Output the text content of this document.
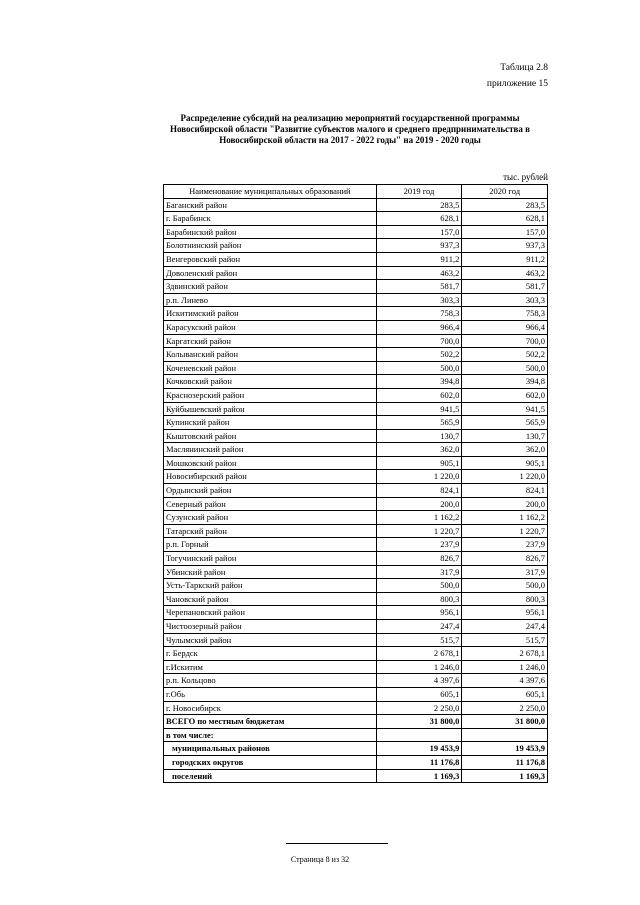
Таблица 2.8
приложение 15
Распределение субсидий на реализацию мероприятий государственной программы Новосибирской области "Развитие субъектов малого и среднего предпринимательства в Новосибирской области на 2017 - 2022 годы" на 2019 - 2020 годы
тыс. рублей
Наименование муниципальных образований	2019 год	2020 год
Баганский район	283,5	283,5
г. Барабинск	628,1	628,1
Барабинский район	157,0	157,0
Болотнинский район	937,3	937,3
Венгеровский район	911,2	911,2
Доволенский район	463,2	463,2
Здвинский район	581,7	581,7
р.п. Линево	303,3	303,3
Искитимский район	758,3	758,3
Карасукский район	966,4	966,4
Каргатский район	700,0	700,0
Колыванский район	502,2	502,2
Коченевский район	500,0	500,0
Кочковский район	394,8	394,8
Краснозерский район	602,0	602,0
Куйбышевский район	941,5	941,5
Купинский район	565,9	565,9
Кыштовский район	130,7	130,7
Маслянинский район	362,0	362,0
Мошковский район	905,1	905,1
Новосибирский район	1 220,0	1 220,0
Ордынский район	824,1	824,1
Северный район	200,0	200,0
Сузунский район	1 162,2	1 162,2
Татарский район	1 220,7	1 220,7
р.п. Горный	237,9	237,9
Тогучинский район	826,7	826,7
Убинский район	317,9	317,9
Усть-Таркский район	500,0	500,0
Чановский район	800,3	800,3
Черепановский район	956,1	956,1
Чистоозерный район	247,4	247,4
Чулымский район	515,7	515,7
г. Бердск	2 678,1	2 678,1
г.Искитим	1 246,0	1 246,0
р.п. Кольцово	4 397,6	4 397,6
г.Обь	605,1	605,1
г. Новосибирск	2 250,0	2 250,0
ВСЕГО по местным бюджетам	31 800,0	31 800,0
в том числе:		
муниципальных районов	19 453,9	19 453,9
городских округов	11 176,8	11 176,8
поселений	1 169,3	1 169,3
Страница 8 из 32
